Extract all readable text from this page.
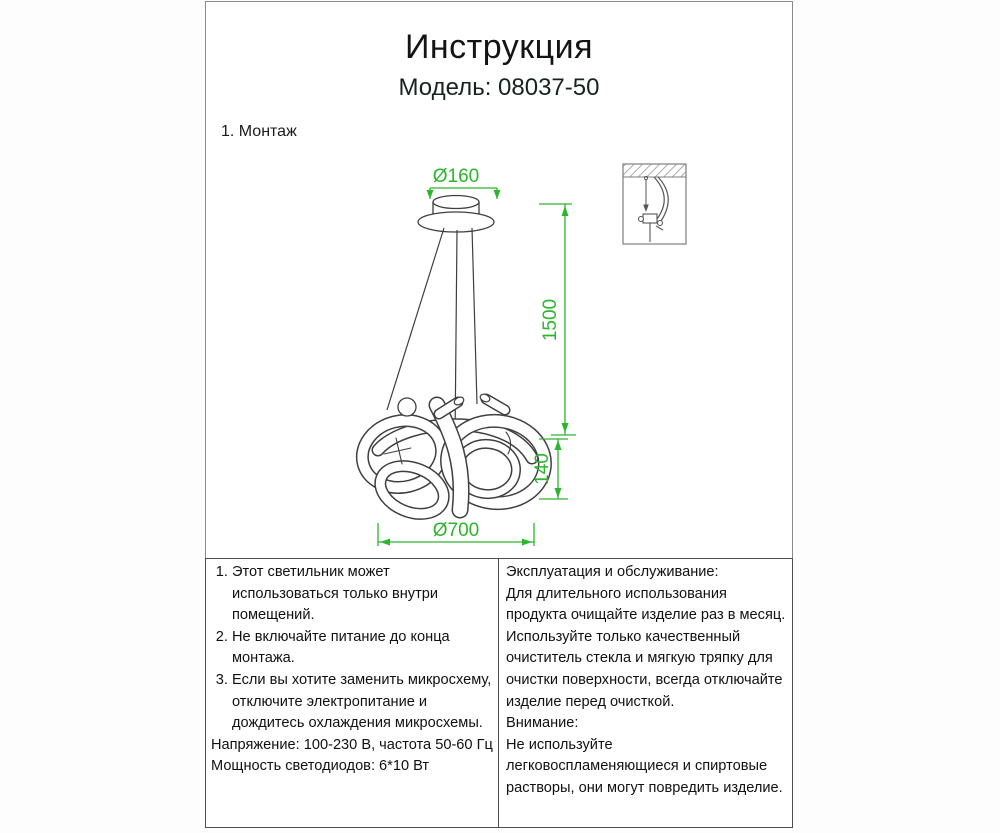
Инструкция
Модель: 08037-50
1. Монтаж
Ø160
1500
140
Ø700
1. Этот светильник может использоваться только внутри помещений.
2. Не включайте питание до конца монтажа.
3. Если вы хотите заменить микросхему, отключите электропитание и дождитесь охлаждения микросхемы.
Напряжение: 100-230 В, частота 50-60 Гц
Мощность светодиодов: 6*10 Вт
Эксплуатация и обслуживание:
Для длительного использования продукта очищайте изделие раз в месяц.
Используйте только качественный очиститель стекла и мягкую тряпку для очистки поверхности, всегда отключайте изделие перед очисткой.
Внимание:
Не используйте легковоспламеняющиеся и спиртовые растворы, они могут повредить изделие.
